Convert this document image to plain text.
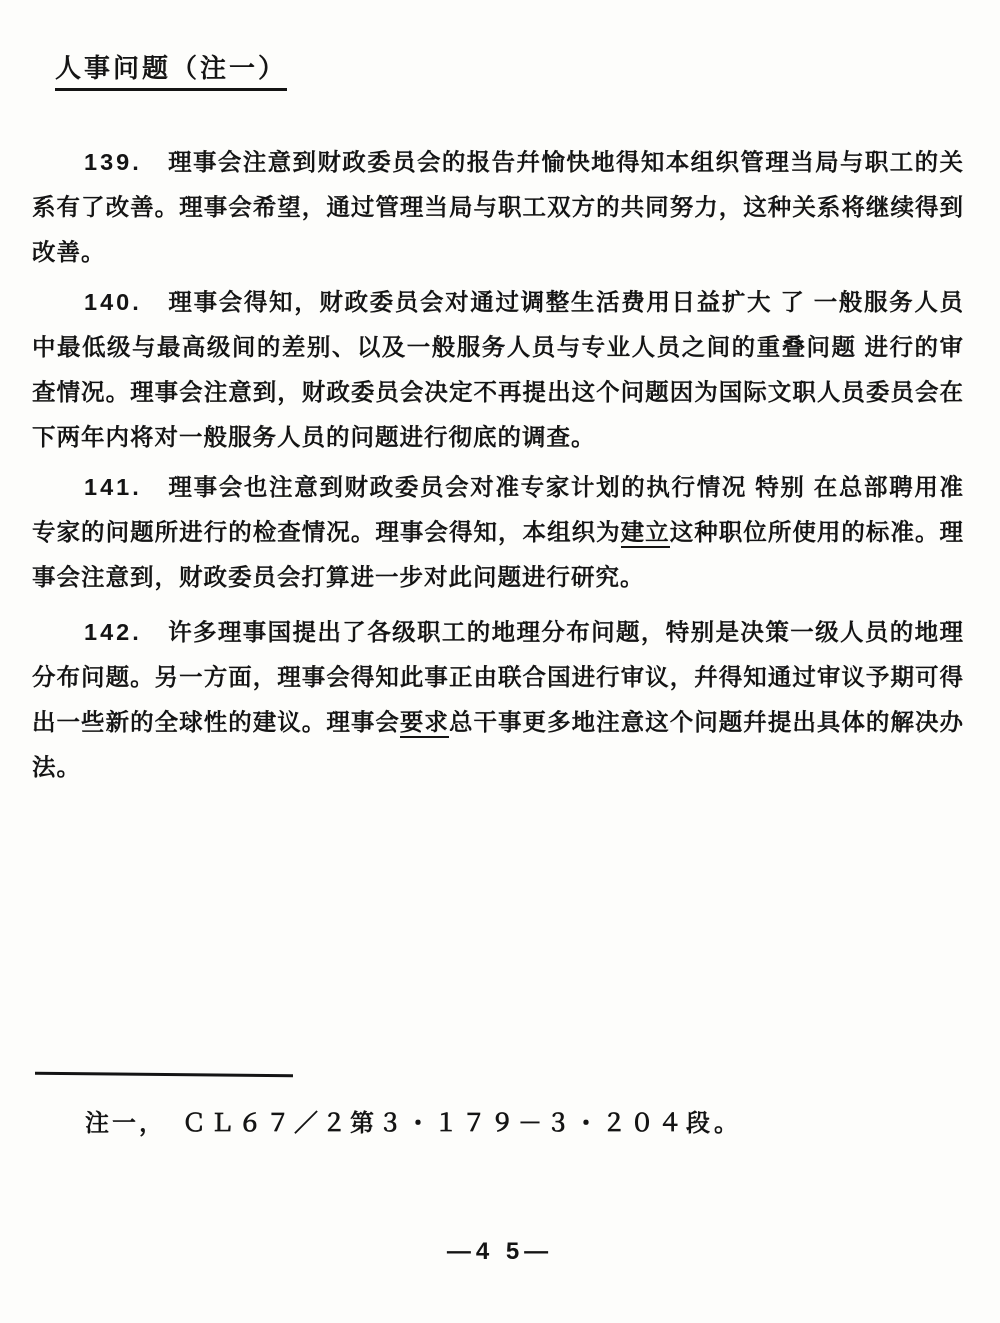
人事问题（注一）

139. 理事会注意到财政委员会的报告幷愉快地得知本组织管理当局与职工的关系有了改善。理事会希望，通过管理当局与职工双方的共同努力，这种关系将继续得到改善。

140. 理事会得知，财政委员会对通过调整生活费用日益扩大 了 一般服务人员中最低级与最高级间的差别、以及一般服务人员与专业人员之间的重叠问题 进行的审查情况。理事会注意到，财政委员会决定不再提出这个问题因为国际文职人员委员会在下两年内将对一般服务人员的问题进行彻底的调查。

141. 理事会也注意到财政委员会对准专家计划的执行情况 特别 在总部聘用准专家的问题所进行的检查情况。理事会得知，本组织为建立这种职位所使用的标准。理事会注意到，财政委员会打算进一步对此问题进行研究。

142. 许多理事国提出了各级职工的地理分布问题，特别是决策一级人员的地理分布问题。另一方面，理事会得知此事正由联合国进行审议，幷得知通过审议予期可得出一些新的全球性的建议。理事会要求总干事更多地注意这个问题幷提出具体的解决办法。

注一， ＣＬ６７／２第３・１７９－３・２０４段。
—4 5—
